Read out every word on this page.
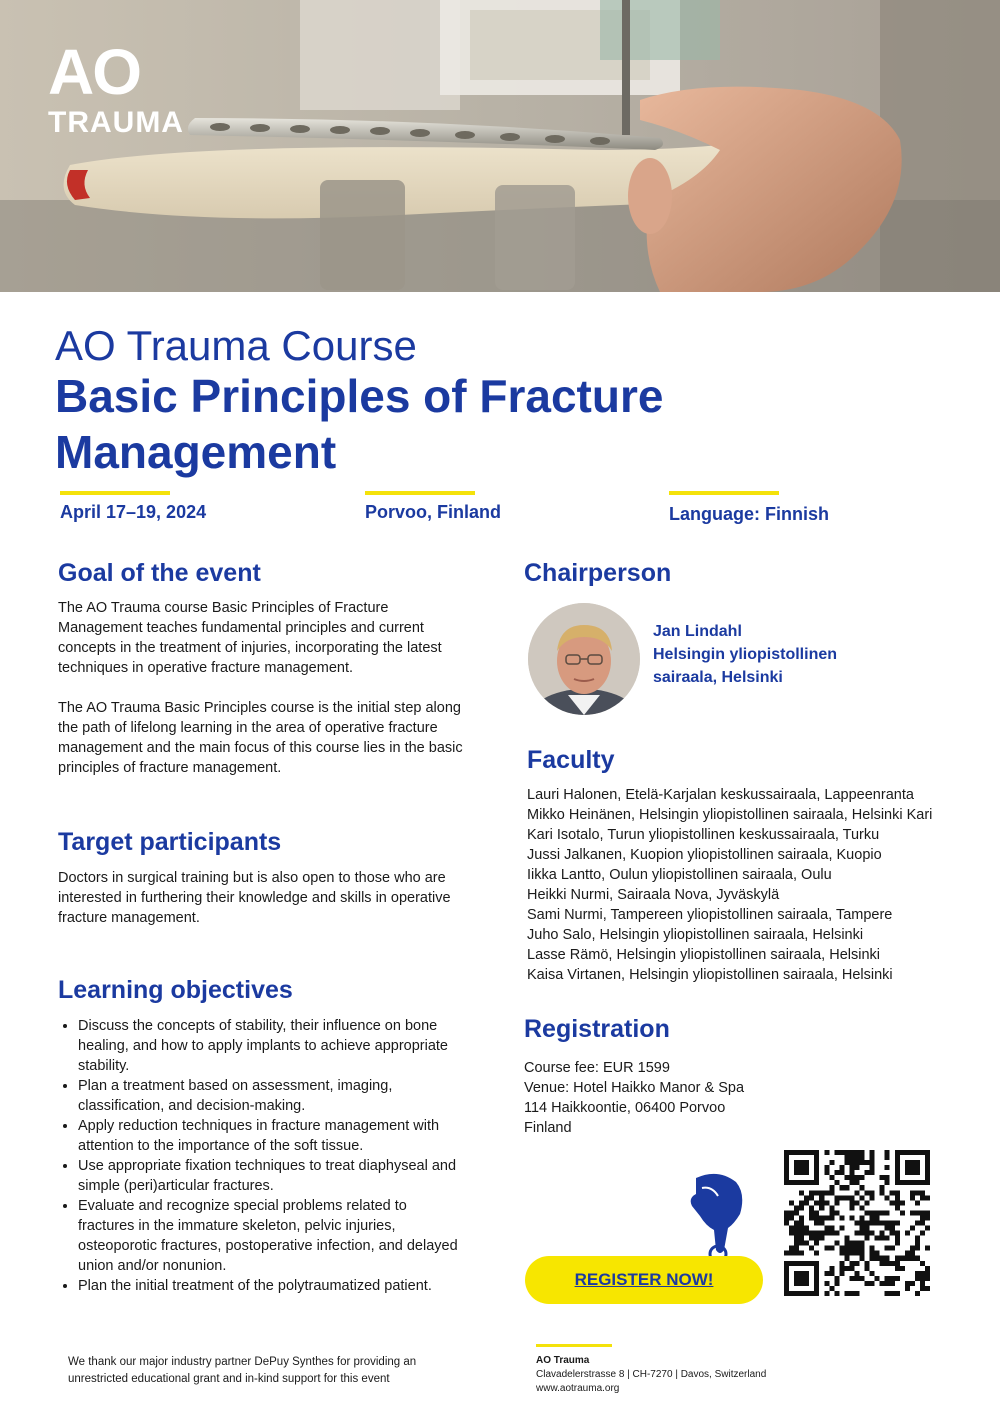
AO
TRAUMA
AO Trauma Course
Basic Principles of Fracture Management
April 17–19, 2024	Porvoo, Finland	Language: Finnish
Goal of the event
The AO Trauma course Basic Principles of Fracture Management teaches fundamental principles and current concepts in the treatment of injuries, incorporating the latest techniques in operative fracture management.
The AO Trauma Basic Principles course is the initial step along the path of lifelong learning in the area of operative fracture management and the main focus of this course lies in the basic principles of fracture management.
Target participants
Doctors in surgical training but is also open to those who are interested in furthering their knowledge and skills in operative fracture management.
Learning objectives
• Discuss the concepts of stability, their influence on bone healing, and how to apply implants to achieve appropriate stability.
• Plan a treatment based on assessment, imaging, classification, and decision-making.
• Apply reduction techniques in fracture management with attention to the importance of the soft tissue.
• Use appropriate fixation techniques to treat diaphyseal and simple (peri)articular fractures.
• Evaluate and recognize special problems related to fractures in the immature skeleton, pelvic injuries, osteoporotic fractures, postoperative infection, and delayed union and/or nonunion.
• Plan the initial treatment of the polytraumatized patient.
Chairperson
Jan Lindahl
Helsingin yliopistollinen
sairaala, Helsinki
Faculty
Lauri Halonen, Etelä-Karjalan keskussairaala, Lappeenranta
Mikko Heinänen, Helsingin yliopistollinen sairaala, Helsinki Kari
Kari Isotalo, Turun yliopistollinen keskussairaala, Turku
Jussi Jalkanen, Kuopion yliopistollinen sairaala, Kuopio
Iikka Lantto, Oulun yliopistollinen sairaala, Oulu
Heikki Nurmi, Sairaala Nova, Jyväskylä
Sami Nurmi, Tampereen yliopistollinen sairaala, Tampere
Juho Salo, Helsingin yliopistollinen sairaala, Helsinki
Lasse Rämö, Helsingin yliopistollinen sairaala, Helsinki
Kaisa Virtanen, Helsingin yliopistollinen sairaala, Helsinki
Registration
Course fee: EUR 1599
Venue: Hotel Haikko Manor & Spa
114 Haikkoontie, 06400 Porvoo
Finland
REGISTER NOW!
We thank our major industry partner DePuy Synthes for providing an
unrestricted educational grant and in-kind support for this event
AO Trauma
Clavadelerstrasse 8 | CH-7270 | Davos, Switzerland
www.aotrauma.org
